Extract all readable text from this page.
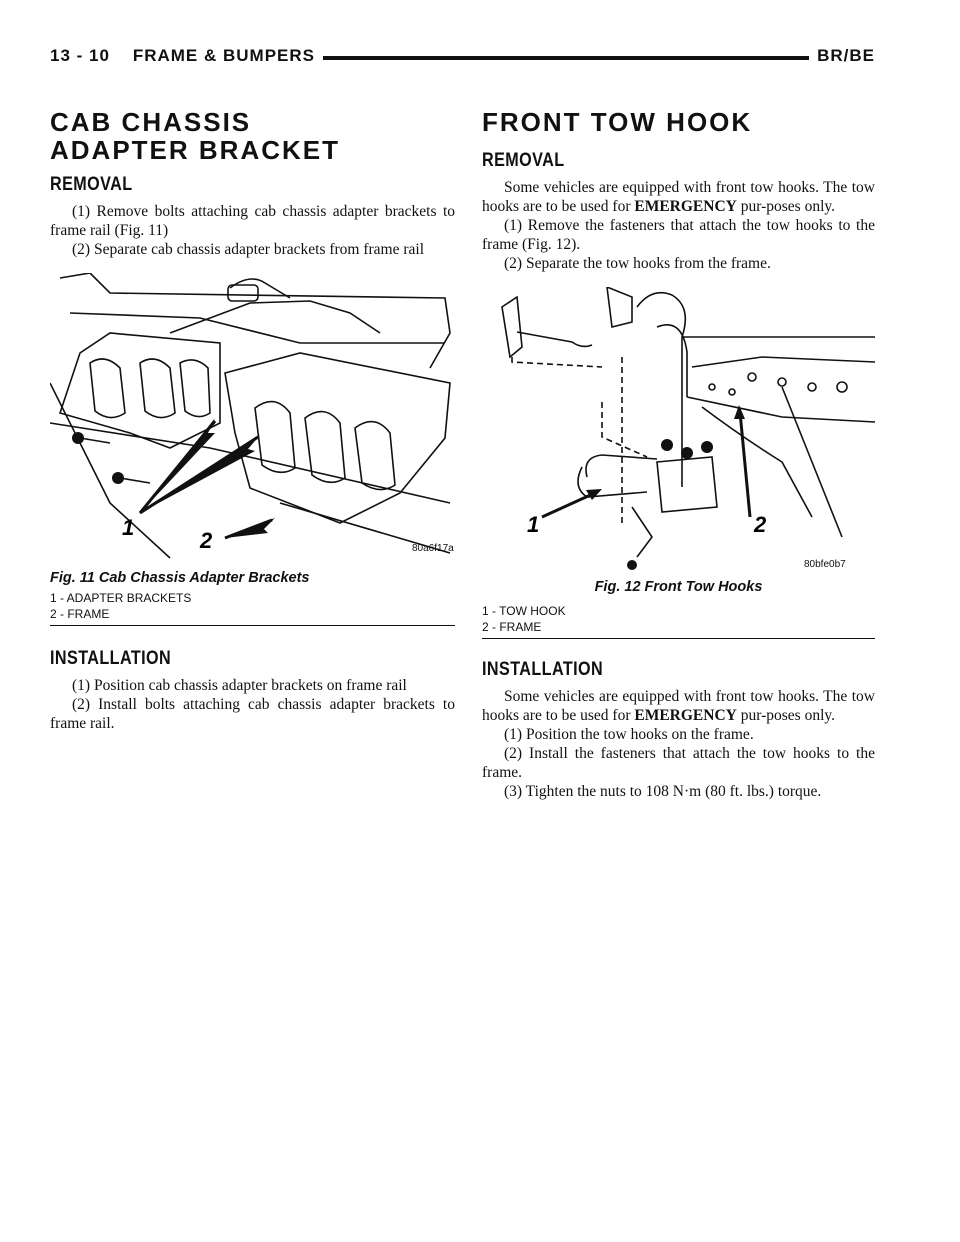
13 - 10    FRAME & BUMPERS	BR/BE
CAB CHASSIS ADAPTER BRACKET
REMOVAL

(1) Remove bolts attaching cab chassis adapter brackets to frame rail (Fig. 11)

(2) Separate cab chassis adapter brackets from frame rail

1
2	80a6f17a
Fig. 11 Cab Chassis Adapter Brackets
1 - ADAPTER BRACKETS
2 - FRAME
INSTALLATION

(1) Position cab chassis adapter brackets on frame rail

(2) Install bolts attaching cab chassis adapter brackets to frame rail.

FRONT TOW HOOK
REMOVAL

Some vehicles are equipped with front tow hooks. The tow hooks are to be used for EMERGENCY pur-poses only.

(1) Remove the fasteners that attach the tow hooks to the frame (Fig. 12).

(2) Separate the tow hooks from the frame.

1	2
80bfe0b7
Fig. 12 Front Tow Hooks
1 - TOW HOOK
2 - FRAME
INSTALLATION

Some vehicles are equipped with front tow hooks. The tow hooks are to be used for EMERGENCY pur-poses only.

(1) Position the tow hooks on the frame.

(2) Install the fasteners that attach the tow hooks to the frame.

(3) Tighten the nuts to 108 N·m (80 ft. lbs.) torque.
